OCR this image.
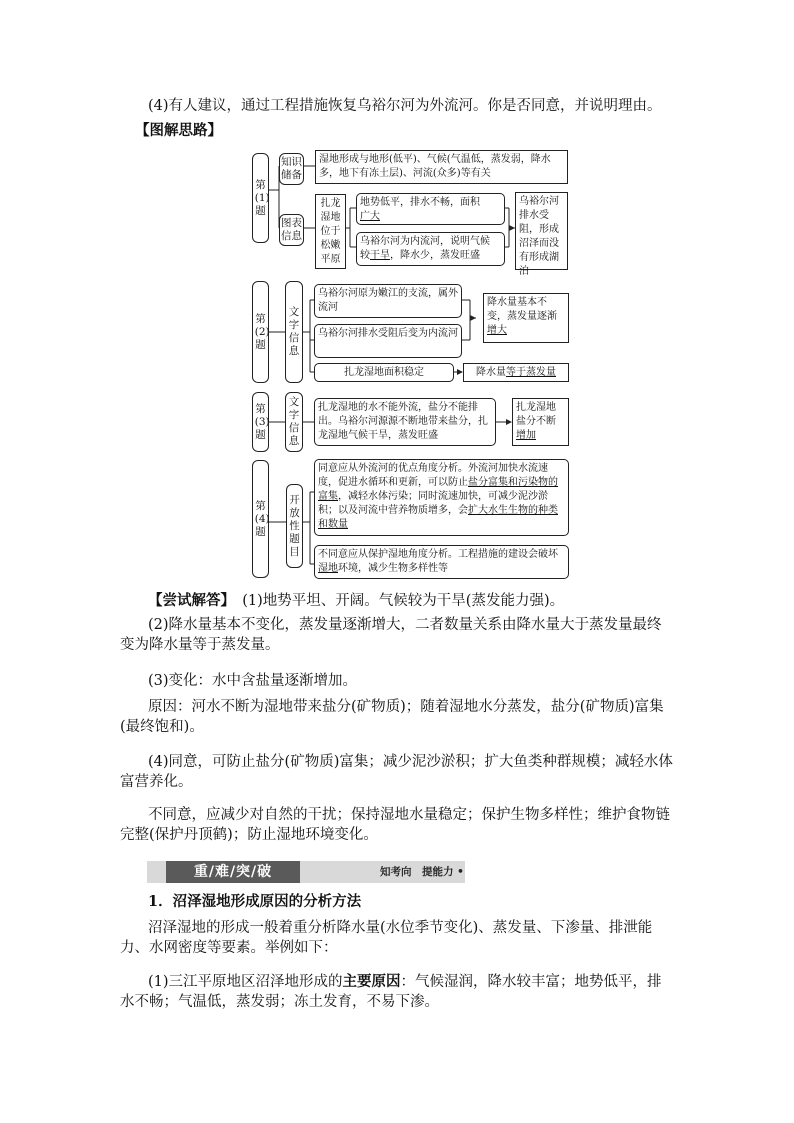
(4)有人建议，通过工程措施恢复乌裕尔河为外流河。你是否同意，并说明理由。
【图解思路】
第(1)题
知识储备
湿地形成与地形(低平)、气候(气温低，蒸发弱，降水多，地下有冻土层)、河流(众多)等有关
图表信息
扎龙湿地位于松嫩平原
地势低平，排水不畅，面积
广大
乌裕尔河为内流河，说明气候
较干旱，降水少，蒸发旺盛
乌裕尔河排水受阻，形成沼泽而没有形成湖泊
第(2)题
文字信息
乌裕尔河原为嫩江的支流，属外流河
乌裕尔河排水受阻后变为内流河
降水量基本不变，蒸发量逐渐增大
扎龙湿地面积稳定	降水量等于蒸发量
第(3)题
文字信息
扎龙湿地的水不能外流，盐分不能排出。乌裕尔河源源不断地带来盐分，扎龙湿地气候干旱，蒸发旺盛
扎龙湿地盐分不断增加
第(4)题
开放性题目
同意应从外流河的优点角度分析。外流河加快水流速度，促进水循环和更新，可以防止盐分富集和污染物的富集，减轻水体污染；同时流速加快，可减少泥沙淤积；以及河流中营养物质增多，会扩大水生生物的种类和数量
不同意应从保护湿地角度分析。工程措施的建设会破坏湿地环境，减少生物多样性等
【尝试解答】　 (1)地势平坦、开阔。气候较为干旱(蒸发能力强)。
(2)降水量基本不变化，蒸发量逐渐增大，二者数量关系由降水量大于蒸发量最终变为降水量等于蒸发量。
(3)变化：水中含盐量逐渐增加。
原因：河水不断为湿地带来盐分(矿物质)；随着湿地水分蒸发，盐分(矿物质)富集(最终饱和)。
(4)同意，可防止盐分(矿物质)富集；减少泥沙淤积；扩大鱼类种群规模；减轻水体富营养化。
不同意，应减少对自然的干扰；保持湿地水量稳定；保护生物多样性；维护食物链完整(保护丹顶鹤)；防止湿地环境变化。
重/难/突/破	知考向　提能力 •
1．沼泽湿地形成原因的分析方法
沼泽湿地的形成一般着重分析降水量(水位季节变化)、蒸发量、下渗量、排泄能力、水网密度等要素。举例如下：
(1)三江平原地区沼泽地形成的主要原因：气候湿润，降水较丰富；地势低平，排水不畅；气温低，蒸发弱；冻土发育，不易下渗。
